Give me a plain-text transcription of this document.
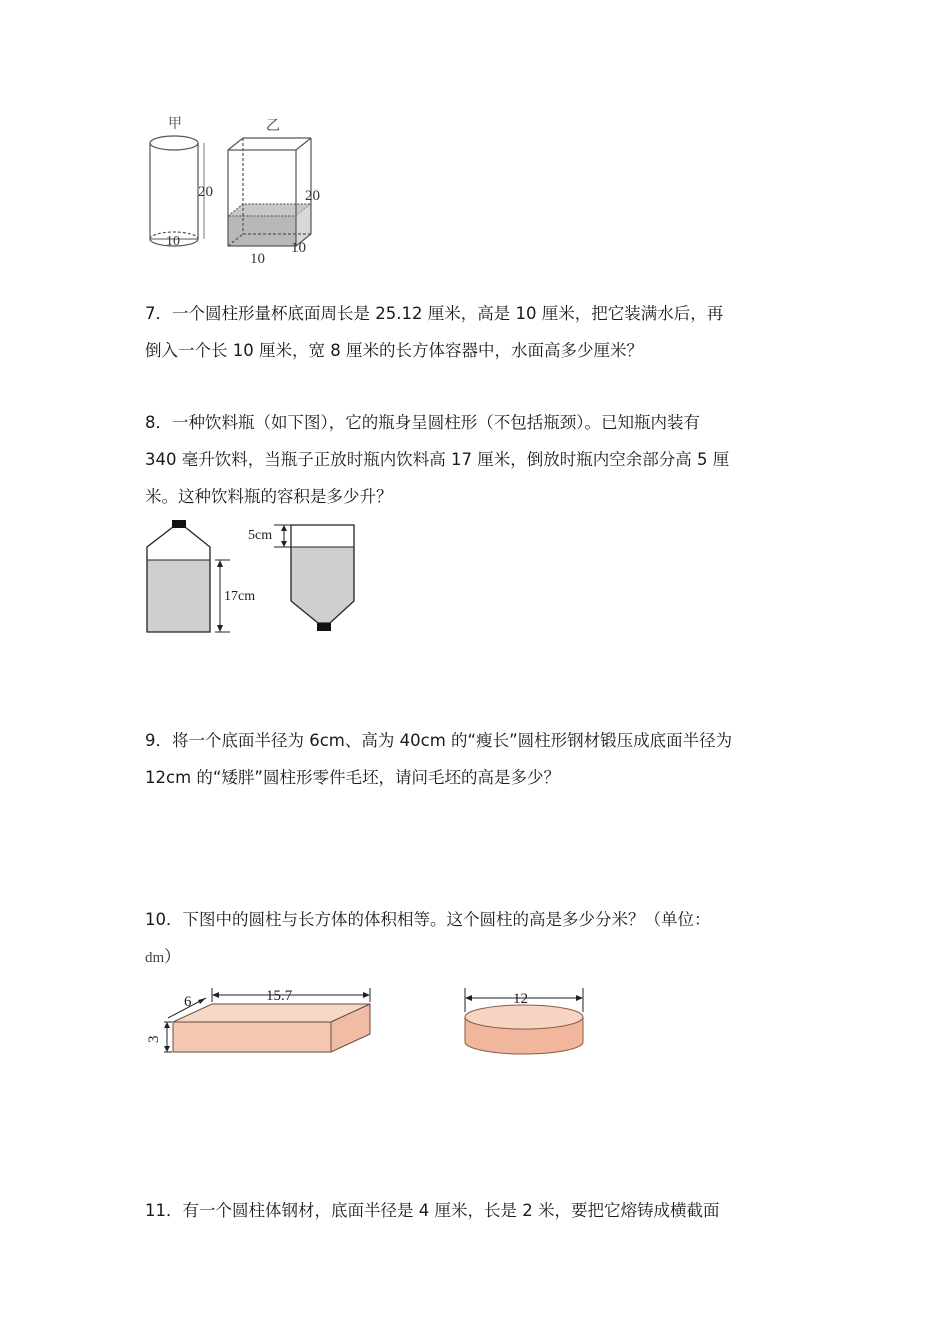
甲
20
10
乙
20
10
10

7．一个圆柱形量杯底面周长是 25.12 厘米，高是 10 厘米，把它装满水后，再

倒入一个长 10 厘米，宽 8 厘米的长方体容器中，水面高多少厘米？

8．一种饮料瓶（如下图），它的瓶身呈圆柱形（不包括瓶颈）。已知瓶内装有

340 毫升饮料，当瓶子正放时瓶内饮料高 17 厘米，倒放时瓶内空余部分高 5 厘

米。这种饮料瓶的容积是多少升？

17cm
5cm

9．将一个底面半径为 6cm、高为 40cm 的“瘦长”圆柱形钢材锻压成底面半径为

12cm 的“矮胖”圆柱形零件毛坯，请问毛坯的高是多少？

10．下图中的圆柱与长方体的体积相等。这个圆柱的高是多少分米？（单位：

dm）

15.7
6
3
12

11．有一个圆柱体钢材，底面半径是 4 厘米，长是 2 米，要把它熔铸成横截面
